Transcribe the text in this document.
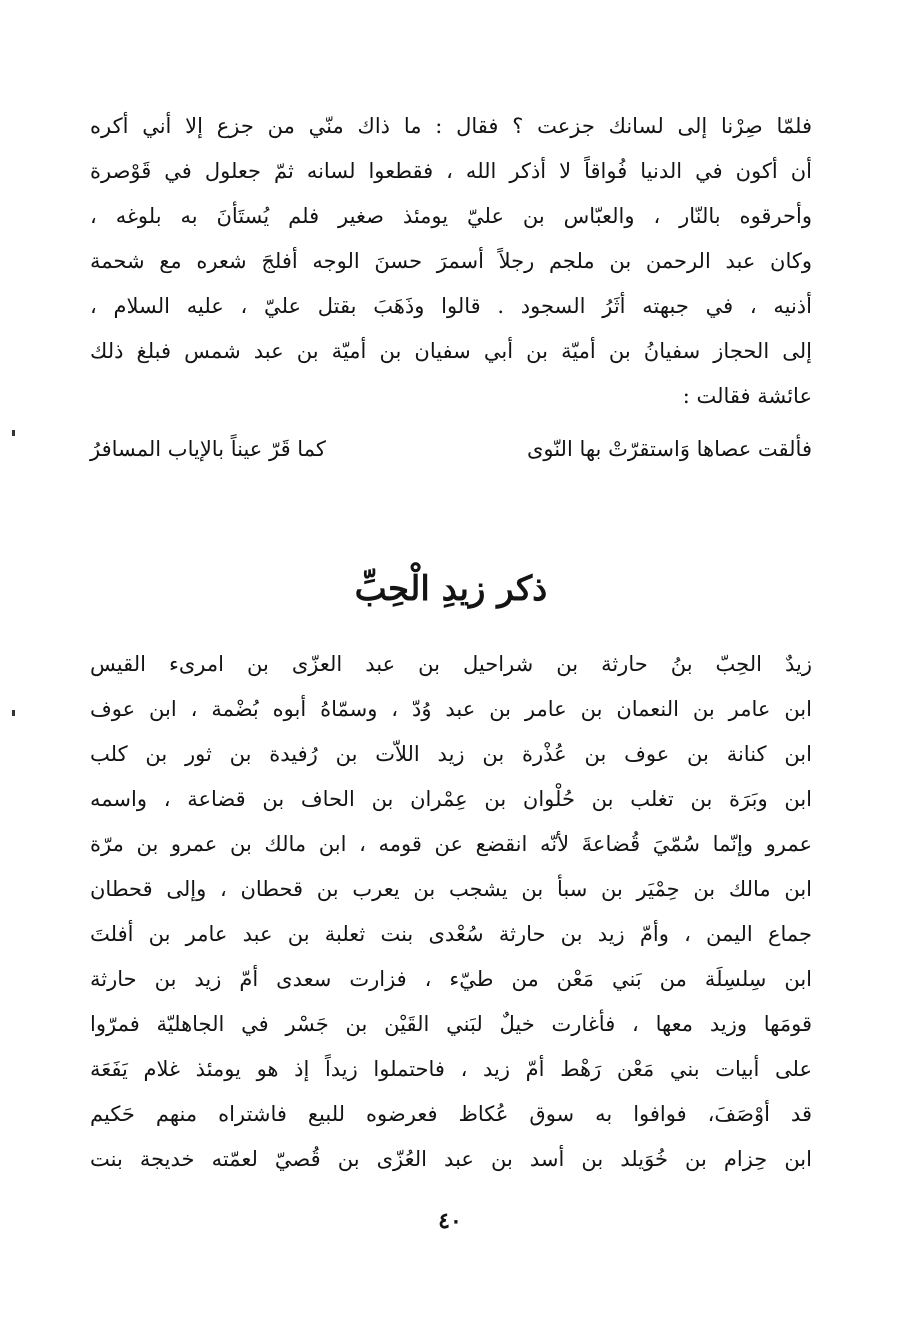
فلمّا صِرْنا إلى لسانك جزعت ؟ فقال : ما ذاك منّي من جزع إلا أني أكره
أن أكون في الدنيا فُواقاً لا أذكر الله ، فقطعوا لسانه ثمّ جعلول في قَوْصرة
وأحرقوه بالنّار ، والعبّاس بن عليّ يومئذ صغير فلم يُستَأنَ به بلوغه ،
وكان عبد الرحمن بن ملجم رجلاً أسمرَ حسنَ الوجه أفلجَ شعره مع شحمة
أذنيه ، في جبهته أثَرُ السجود . قالوا وذَهَبَ بقتل عليّ ، عليه السلام ،
إلى الحجاز سفيانُ بن أميّة بن أبي سفيان بن أميّة بن عبد شمس فبلغ ذلك
عائشة فقالت :
فألقت عصاها وَاستقرّتْ بها النّوى
كما قَرّ عيناً بالإياب المسافرُ
ذكر زيدِ الْحِبِّ
زيدٌ الحِبّ بنُ حارثة بن شراحيل بن عبد العزّى بن امرىء القيس
ابن عامر بن النعمان بن عامر بن عبد وُدّ ، وسمّاهُ أبوه بُضْمة ، ابن عوف
ابن كنانة بن عوف بن عُذْرة بن زيد اللاّت بن رُفيدة بن ثور بن كلب
ابن وبَرَة بن تغلب بن حُلْوان بن عِمْران بن الحاف بن قضاعة ، واسمه
عمرو وإنّما سُمّيَ قُضاعةَ لأنّه انقضع عن قومه ، ابن مالك بن عمرو بن مرّة
ابن مالك بن حِمْيَر بن سبأ بن يشجب بن يعرب بن قحطان ، وإلى قحطان
جماع اليمن ، وأمّ زيد بن حارثة سُعْدى بنت ثعلبة بن عبد عامر بن أفلتَ
ابن سِلسِلَة من بَني مَعْن من طيّء ، فزارت سعدى أمّ زيد بن حارثة
قومَها وزيد معها ، فأغارت خيلٌ لبَني القَيْن بن جَسْر في الجاهليّة فمرّوا
على أبيات بني مَعْن رَهْط أمّ زيد ، فاحتملوا زيداً إذ هو يومئذ غلام يَفَعَة
قد أوْصَفَ، فوافوا به سوق عُكاظ فعرضوه للبيع فاشتراه منهم حَكيم
ابن حِزام بن خُوَيلد بن أسد بن عبد العُزّى بن قُصيّ لعمّته خديجة بنت
٤٠
